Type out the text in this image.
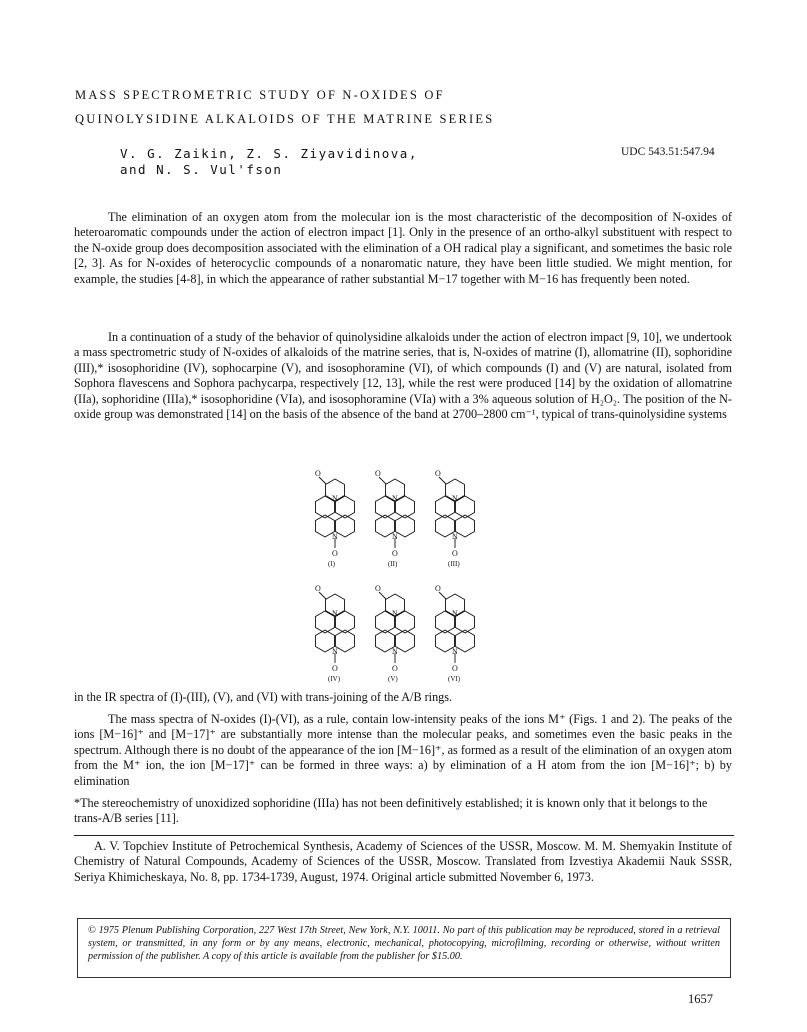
MASS SPECTROMETRIC STUDY OF N-OXIDES OF
QUINOLYSIDINE ALKALOIDS OF THE MATRINE SERIES
V. G. Zaikin, Z. S. Ziyavidinova,
and N. S. Vul'fson
UDC 543.51:547.94

The elimination of an oxygen atom from the molecular ion is the most characteristic of the decomposition of N-oxides of heteroaromatic compounds under the action of electron impact [1]. Only in the presence of an ortho-alkyl substituent with respect to the N-oxide group does decomposition associated with the elimination of a OH radical play a significant, and sometimes the basic role [2, 3]. As for N-oxides of heterocyclic compounds of a nonaromatic nature, they have been little studied. We might mention, for example, the studies [4-8], in which the appearance of rather substantial M−17 together with M−16 has frequently been noted.

In a continuation of a study of the behavior of quinolysidine alkaloids under the action of electron impact [9, 10], we undertook a mass spectrometric study of N-oxides of alkaloids of the matrine series, that is, N-oxides of matrine (I), allomatrine (II), sophoridine (III),* isosophoridine (IV), sophocarpine (V), and isosophoramine (VI), of which compounds (I) and (V) are natural, isolated from Sophora flavescens and Sophora pachycarpa, respectively [12, 13], while the rest were produced [14] by the oxidation of allomatrine (IIa), sophoridine (IIIa),* isosophoridine (VIa), and isosophoramine (VIa) with a 3% aqueous solution of H₂O₂. The position of the N-oxide group was demonstrated [14] on the basis of the absence of the band at 2700–2800 cm⁻¹, typical of trans-quinolysidine systems

O
N
N
O
(I)
O
N
N
O
(II)
O
N
N
O
(III)
O
N
N
O
(IV)
O
N
N
O
(V)
O
N
N
O
(VI)

in the IR spectra of (I)-(III), (V), and (VI) with trans-joining of the A/B rings.

The mass spectra of N-oxides (I)-(VI), as a rule, contain low-intensity peaks of the ions M⁺ (Figs. 1 and 2). The peaks of the ions [M−16]⁺ and [M−17]⁺ are substantially more intense than the molecular peaks, and sometimes even the basic peaks in the spectrum. Although there is no doubt of the appearance of the ion [M−16]⁺, as formed as a result of the elimination of an oxygen atom from the M⁺ ion, the ion [M−17]⁺ can be formed in three ways: a) by elimination of a H atom from the ion [M−16]⁺; b) by elimination

*The stereochemistry of unoxidized sophoridine (IIIa) has not been definitively established; it is known only that it belongs to the trans-A/B series [11].

A. V. Topchiev Institute of Petrochemical Synthesis, Academy of Sciences of the USSR, Moscow. M. M. Shemyakin Institute of Chemistry of Natural Compounds, Academy of Sciences of the USSR, Moscow. Translated from Izvestiya Akademii Nauk SSSR, Seriya Khimicheskaya, No. 8, pp. 1734-1739, August, 1974. Original article submitted November 6, 1973.

© 1975 Plenum Publishing Corporation, 227 West 17th Street, New York, N.Y. 10011. No part of this publication may be reproduced, stored in a retrieval system, or transmitted, in any form or by any means, electronic, mechanical, photocopying, microfilming, recording or otherwise, without written permission of the publisher. A copy of this article is available from the publisher for $15.00.
1657
